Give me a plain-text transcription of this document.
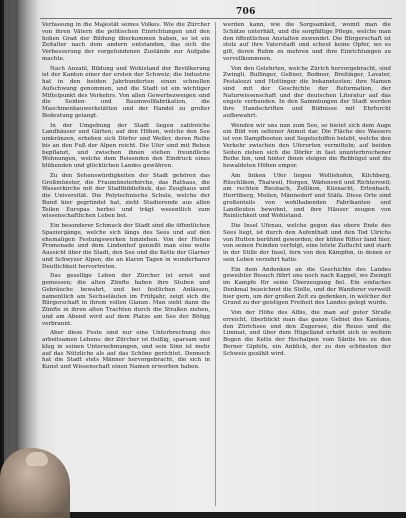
706

Verfassung in die Majestät seines Volkes. Wie die Zürcher von ihren Vätern die politischen Einrichtungen und den hohen Grad der Bildung überkommen haben, so ist ein Zeitalter nach dem andern entstanden, das sich die Verbesserung der vorgefundenen Zustände zur Aufgabe machte.

Nach Anzahl, Bildung und Wohlstand der Bevölkerung ist der Kanton einer der ersten der Schweiz; die Industrie hat in den beiden Jahrhunderten einen schnellen Aufschwung genommen, und die Stadt ist ein wichtiger Mittelpunkt des Verkehrs. Von allen Gewerbszweigen sind die Seiden- und Baumwollfabrikation, die Maschinenbauwerkstätten und der Handel zu großer Bedeutung gelangt.

In der Umgebung der Stadt liegen zahlreiche Landhäuser und Gärten; auf den Höhen, welche den See umkränzen, erheben sich Dörfer und Weiler, deren Reihe bis an den Fuß der Alpen reicht. Die Ufer sind mit Reben bepflanzt, und zwischen ihnen stehen freundliche Wohnungen, welche dem Reisenden den Eindruck eines blühenden und glücklichen Landes gewähren.

Zu den Sehenswürdigkeiten der Stadt gehören das Großmünster, die Fraumünsterkirche, das Rathaus, die Wasserkirche mit der Stadtbibliothek, das Zeughaus und die Universität. Die Polytechnische Schule, welche der Bund hier gegründet hat, zieht Studierende aus allen Teilen Europas herbei und trägt wesentlich zum wissenschaftlichen Leben bei.

Ein besonderer Schmuck der Stadt sind die öffentlichen Spaziergänge, welche sich längs des Sees und auf den ehemaligen Festungswerken hinziehen. Von der Hohen Promenade und dem Lindenhof genießt man eine weite Aussicht über die Stadt, den See und die Kette der Glarner und Schwyzer Alpen, die an klaren Tagen in wunderbarer Deutlichkeit hervortreten.

Das gesellige Leben der Zürcher ist ernst und gemessen; die alten Zünfte haben ihre Stuben und Gebräuche bewahrt, und bei festlichen Anlässen, namentlich am Sechseläuten im Frühjahr, zeigt sich die Bürgerschaft in ihrem vollen Glanze. Man sieht dann die Zünfte in ihren alten Trachten durch die Straßen ziehen, und am Abend wird auf dem Platze am See der Böögg verbrannt.

Aber diese Feste sind nur eine Unterbrechung des arbeitsamen Lebens; der Zürcher ist fleißig, sparsam und klug in seinen Unternehmungen, und sein Sinn ist mehr auf das Nützliche als auf das Schöne gerichtet. Dennoch hat die Stadt stets Männer hervorgebracht, die sich in Kunst und Wissenschaft einen Namen erworben haben.

werden kann, wie die Sorgsamkeit, womit man die Schätze unterhält, und die sorgfältige Pflege, welche man den öffentlichen Anstalten zuwendet. Die Bürgerschaft ist stolz auf ihre Vaterstadt und scheut keine Opfer, wo es gilt, deren Ruhm zu mehren und ihre Einrichtungen zu vervollkommnen.

Von den Gelehrten, welche Zürich hervorgebracht, sind Zwingli, Bullinger, Geßner, Bodmer, Breitinger, Lavater, Pestalozzi und Hottinger die bekanntesten; ihre Namen sind mit der Geschichte der Reformation, der Naturwissenschaft und der deutschen Literatur auf das engste verbunden. In den Sammlungen der Stadt werden ihre Handschriften und Bildnisse mit Ehrfurcht aufbewahrt.

Wenden wir uns nun zum See, so bietet sich dem Auge ein Bild von seltener Anmut dar. Die Fläche des Wassers ist von Dampfbooten und Segelschiffen belebt, welche den Verkehr zwischen den Uferorten vermitteln; auf beiden Seiten ziehen sich die Dörfer in fast ununterbrochener Reihe hin, und hinter ihnen steigen die Rebhügel und die bewaldeten Höhen empor.

Am linken Ufer liegen Wollishofen, Kilchberg, Rüschlikon, Thalweil, Horgen, Wädenswil und Richterswil; am rechten Riesbach, Zollikon, Küsnacht, Erlenbach, Herrliberg, Meilen, Männedorf und Stäfa. Diese Orte sind großenteils von wohlhabenden Fabrikanten und Landleuten bewohnt, und ihre Häuser zeugen von Reinlichkeit und Wohlstand.

Die Insel Ufenau, welche gegen das obere Ende des Sees liegt, ist durch den Aufenthalt und den Tod Ulrichs von Hutten berühmt geworden; der kühne Ritter fand hier, von seinen Feinden verfolgt, eine letzte Zuflucht und starb in der Stille der Insel, fern von den Kämpfen, in denen er sein Leben verzehrt hatte.

Ein dem Andenken an die Geschichte des Landes geweihter Besuch führt uns noch nach Kappel, wo Zwingli im Kampfe für seine Überzeugung fiel. Ein einfaches Denkmal bezeichnet die Stelle, und der Wanderer verweilt hier gern, um der großen Zeit zu gedenken, in welcher der Grund zu der geistigen Freiheit des Landes gelegt wurde.

Von der Höhe des Albis, die man auf guter Straße erreicht, überblickt man das ganze Gebiet des Kantons, den Zürichsee und den Zugersee, die Reuss und die Limmat, und über dem Hügelland erhebt sich in weitem Bogen die Kette der Hochalpen vom Säntis bis zu den Berner Gipfeln, ein Anblick, der zu den schönsten der Schweiz gezählt wird.
